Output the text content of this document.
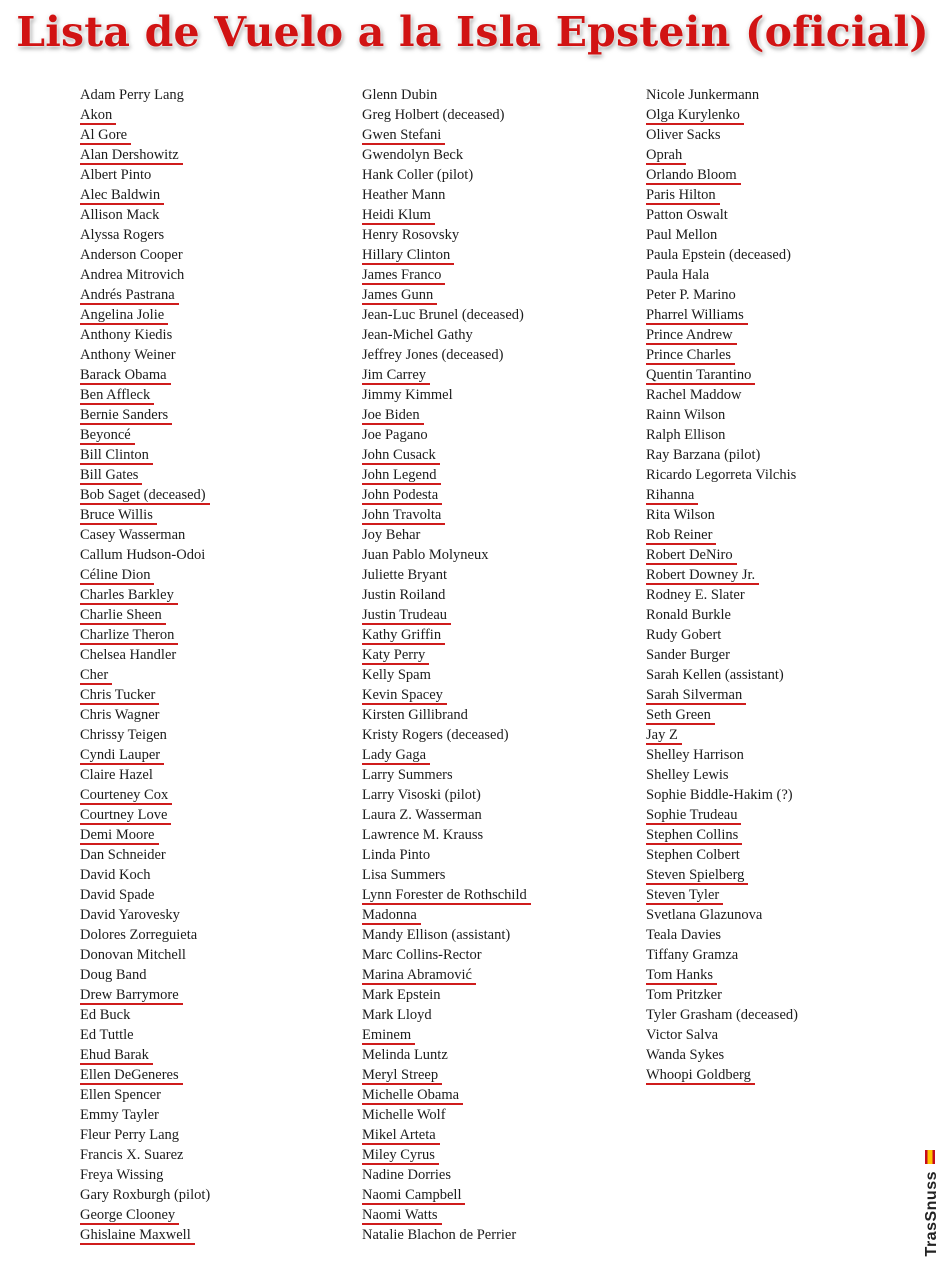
Lista de Vuelo a la Isla Epstein (oficial)
Adam Perry Lang
Akon
Al Gore
Alan Dershowitz
Albert Pinto
Alec Baldwin
Allison Mack
Alyssa Rogers
Anderson Cooper
Andrea Mitrovich
Andrés Pastrana
Angelina Jolie
Anthony Kiedis
Anthony Weiner
Barack Obama
Ben Affleck
Bernie Sanders
Beyoncé
Bill Clinton
Bill Gates
Bob Saget (deceased)
Bruce Willis
Casey Wasserman
Callum Hudson-Odoi
Céline Dion
Charles Barkley
Charlie Sheen
Charlize Theron
Chelsea Handler
Cher
Chris Tucker
Chris Wagner
Chrissy Teigen
Cyndi Lauper
Claire Hazel
Courteney Cox
Courtney Love
Demi Moore
Dan Schneider
David Koch
David Spade
David Yarovesky
Dolores Zorreguieta
Donovan Mitchell
Doug Band
Drew Barrymore
Ed Buck
Ed Tuttle
Ehud Barak
Ellen DeGeneres
Ellen Spencer
Emmy Tayler
Fleur Perry Lang
Francis X. Suarez
Freya Wissing
Gary Roxburgh (pilot)
George Clooney
Ghislaine Maxwell
Glenn Dubin
Greg Holbert (deceased)
Gwen Stefani
Gwendolyn Beck
Hank Coller (pilot)
Heather Mann
Heidi Klum
Henry Rosovsky
Hillary Clinton
James Franco
James Gunn
Jean-Luc Brunel (deceased)
Jean-Michel Gathy
Jeffrey Jones (deceased)
Jim Carrey
Jimmy Kimmel
Joe Biden
Joe Pagano
John Cusack
John Legend
John Podesta
John Travolta
Joy Behar
Juan Pablo Molyneux
Juliette Bryant
Justin Roiland
Justin Trudeau
Kathy Griffin
Katy Perry
Kelly Spam
Kevin Spacey
Kirsten Gillibrand
Kristy Rogers (deceased)
Lady Gaga
Larry Summers
Larry Visoski (pilot)
Laura Z. Wasserman
Lawrence M. Krauss
Linda Pinto
Lisa Summers
Lynn Forester de Rothschild
Madonna
Mandy Ellison (assistant)
Marc Collins-Rector
Marina Abramović
Mark Epstein
Mark Lloyd
Eminem
Melinda Luntz
Meryl Streep
Michelle Obama
Michelle Wolf
Mikel Arteta
Miley Cyrus
Nadine Dorries
Naomi Campbell
Naomi Watts
Natalie Blachon de Perrier
Nicole Junkermann
Olga Kurylenko
Oliver Sacks
Oprah
Orlando Bloom
Paris Hilton
Patton Oswalt
Paul Mellon
Paula Epstein (deceased)
Paula Hala
Peter P. Marino
Pharrel Williams
Prince Andrew
Prince Charles
Quentin Tarantino
Rachel Maddow
Rainn Wilson
Ralph Ellison
Ray Barzana (pilot)
Ricardo Legorreta Vilchis
Rihanna
Rita Wilson
Rob Reiner
Robert DeNiro
Robert Downey Jr.
Rodney E. Slater
Ronald Burkle
Rudy Gobert
Sander Burger
Sarah Kellen (assistant)
Sarah Silverman
Seth Green
Jay Z
Shelley Harrison
Shelley Lewis
Sophie Biddle-Hakim (?)
Sophie Trudeau
Stephen Collins
Stephen Colbert
Steven Spielberg
Steven Tyler
Svetlana Glazunova
Teala Davies
Tiffany Gramza
Tom Hanks
Tom Pritzker
Tyler Grasham (deceased)
Victor Salva
Wanda Sykes
Whoopi Goldberg
TrasSnuss
